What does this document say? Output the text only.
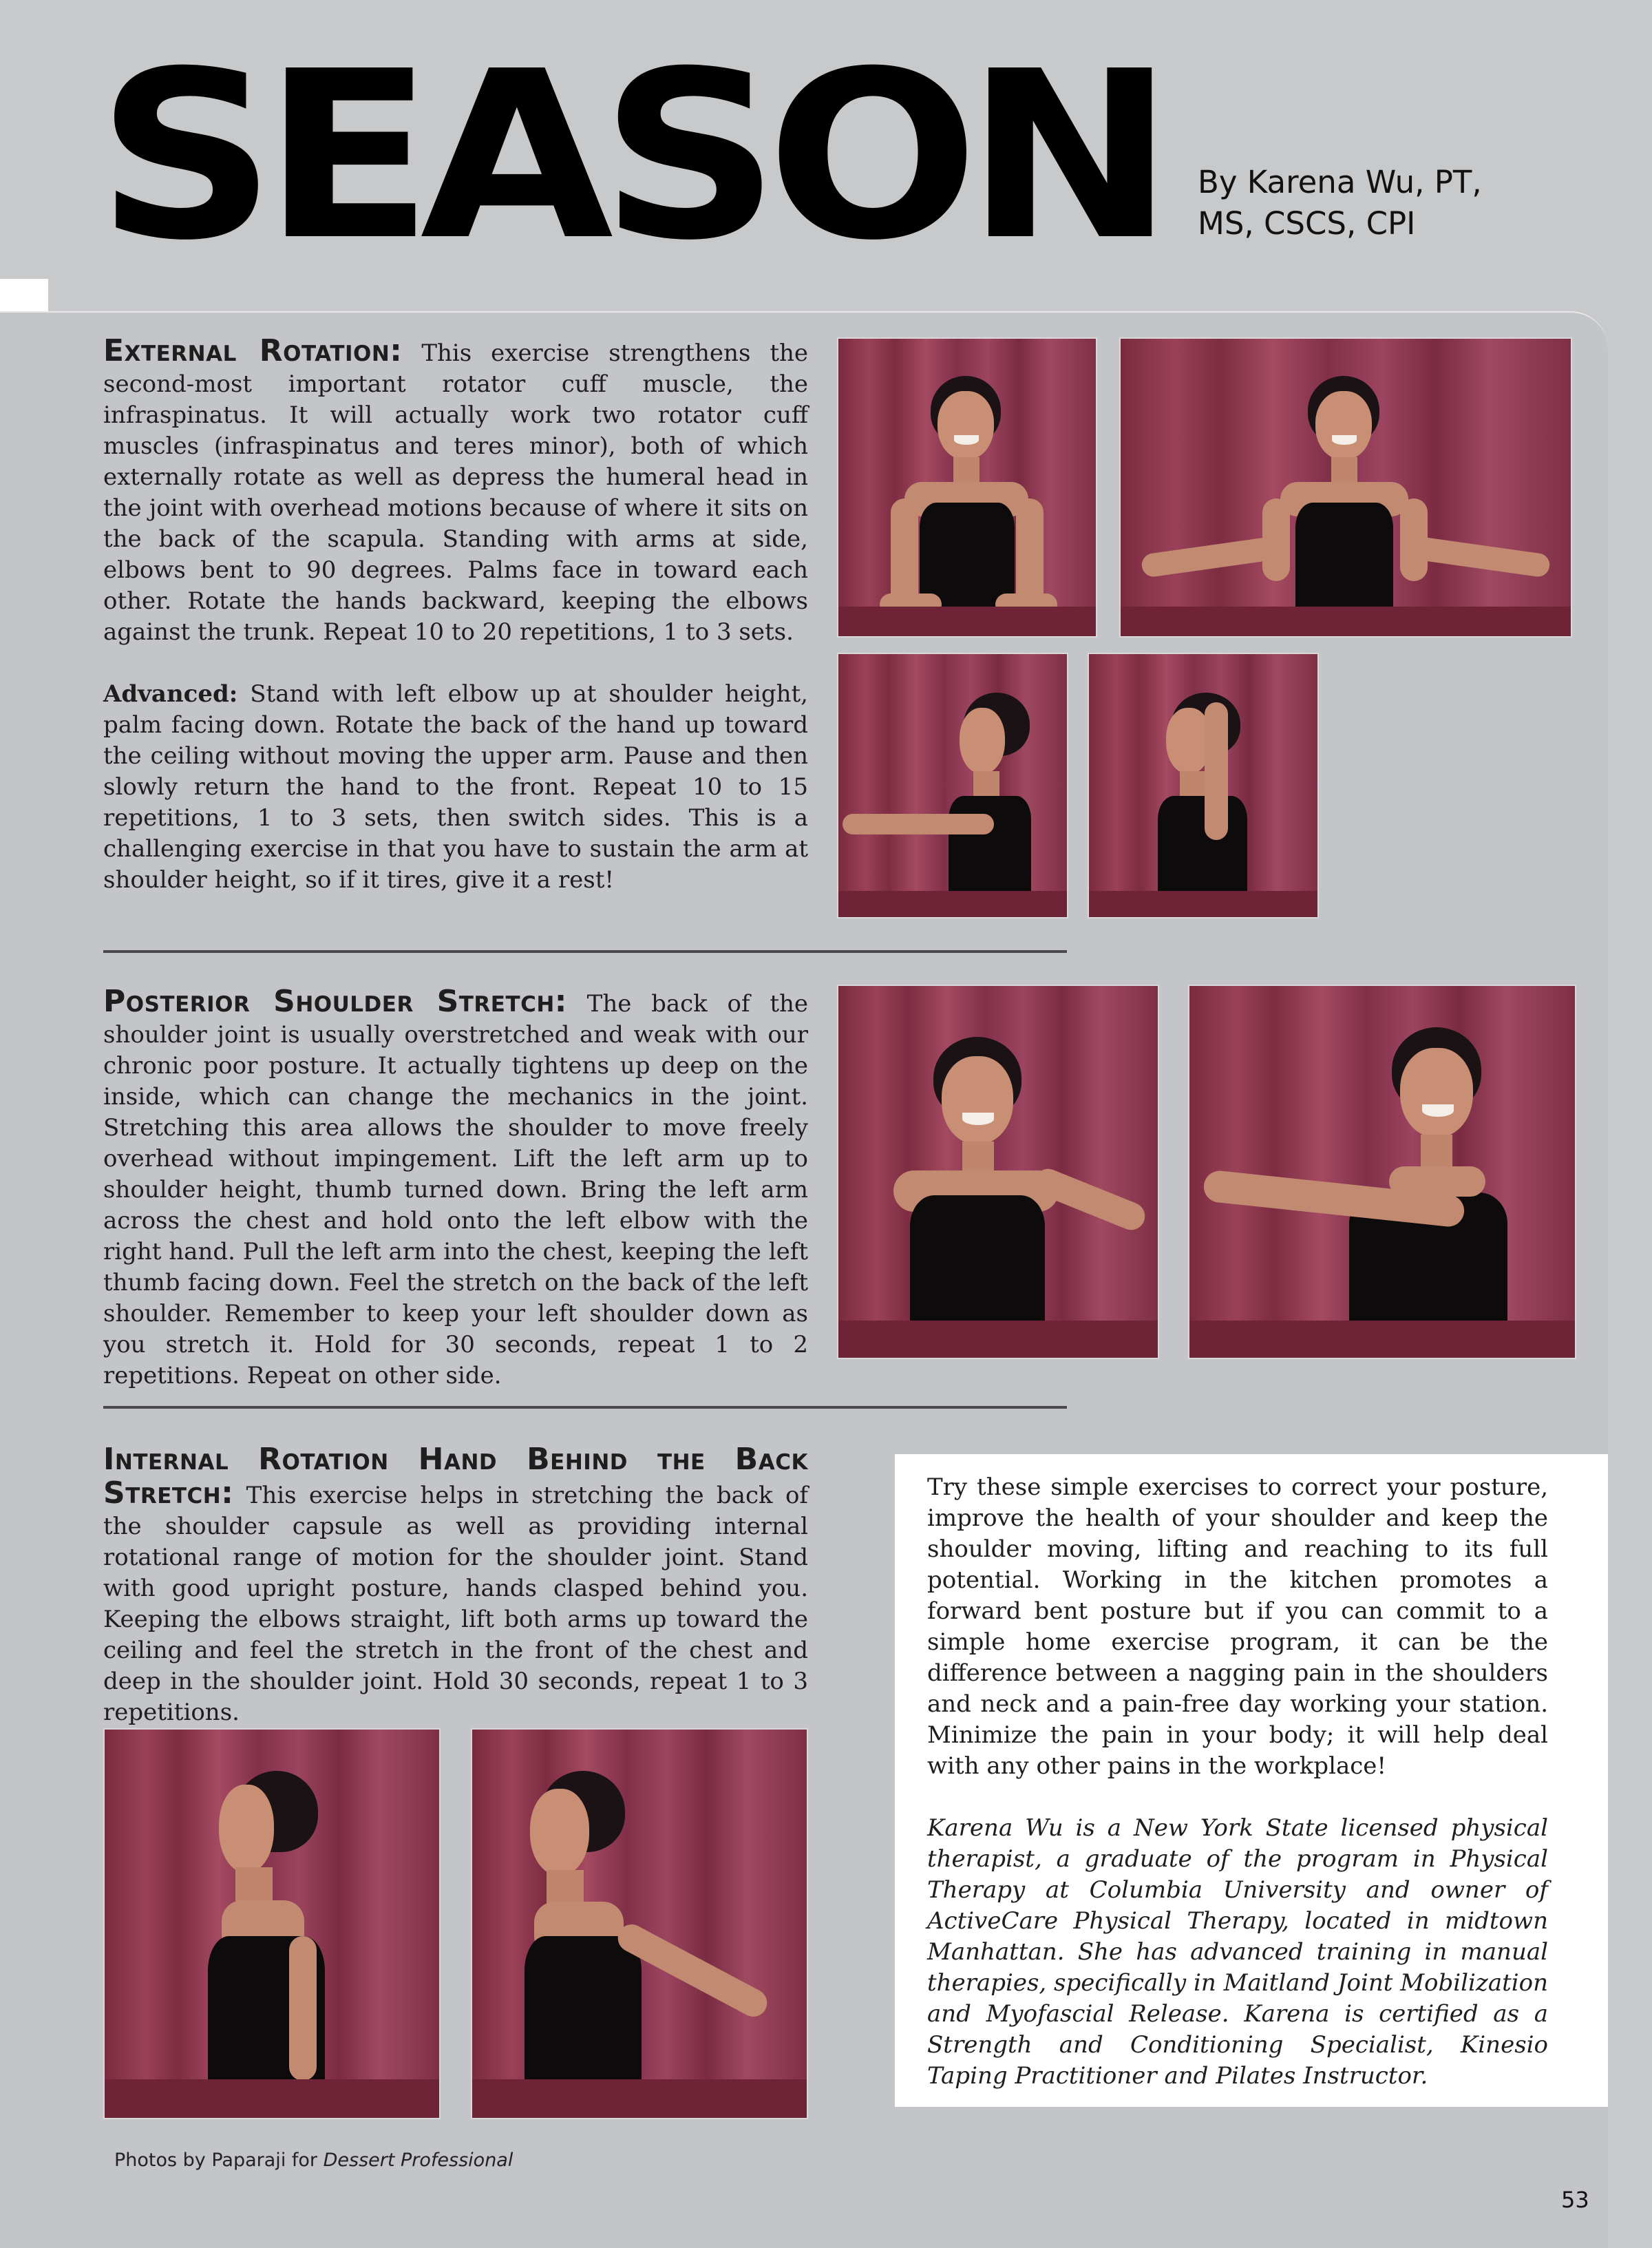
SEASON By Karena Wu, PT,
MS, CSCS, CPI

External Rotation: This exercise strengthens the second-most important rotator cuff muscle, the infraspinatus. It will actually work two rotator cuff muscles (infraspinatus and teres minor), both of which externally rotate as well as depress the humeral head in the joint with overhead motions because of where it sits on the back of the scapula. Standing with arms at side, elbows bent to 90 degrees. Palms face in toward each other. Rotate the hands backward, keeping the elbows against the trunk. Repeat 10 to 20 repetitions, 1 to 3 sets.

Advanced: Stand with left elbow up at shoulder height, palm facing down. Rotate the back of the hand up toward the ceiling without moving the upper arm. Pause and then slowly return the hand to the front. Repeat 10 to 15 repetitions, 1 to 3 sets, then switch sides. This is a challenging exercise in that you have to sustain the arm at shoulder height, so if it tires, give it a rest!

Posterior Shoulder Stretch: The back of the shoulder joint is usually overstretched and weak with our chronic poor posture. It actually tightens up deep on the inside, which can change the mechanics in the joint. Stretching this area allows the shoulder to move freely overhead without impingement. Lift the left arm up to shoulder height, thumb turned down. Bring the left arm across the chest and hold onto the left elbow with the right hand. Pull the left arm into the chest, keeping the left thumb facing down. Feel the stretch on the back of the left shoulder. Remember to keep your left shoulder down as you stretch it. Hold for 30 seconds, repeat 1 to 2 repetitions. Repeat on other side.

Internal Rotation Hand Behind the Back Stretch: This exercise helps in stretching the back of the shoulder capsule as well as providing internal rotational range of motion for the shoulder joint. Stand with good upright posture, hands clasped behind you. Keeping the elbows straight, lift both arms up toward the ceiling and feel the stretch in the front of the chest and deep in the shoulder joint. Hold 30 seconds, repeat 1 to 3 repetitions.

Try these simple exercises to correct your posture, improve the health of your shoulder and keep the shoulder moving, lifting and reaching to its full potential. Working in the kitchen promotes a forward bent posture but if you can commit to a simple home exercise program, it can be the difference between a nagging pain in the shoulders and neck and a pain-free day working your station. Minimize the pain in your body; it will help deal with any other pains in the workplace!

Karena Wu is a New York State licensed physical therapist, a graduate of the program in Physical Therapy at Columbia University and owner of ActiveCare Physical Therapy, located in midtown Manhattan. She has advanced training in manual therapies, specifically in Maitland Joint Mobilization and Myofascial Release. Karena is certified as a Strength and Conditioning Specialist, Kinesio Taping Practitioner and Pilates Instructor.

Photos by Paparaji for Dessert Professional
53
